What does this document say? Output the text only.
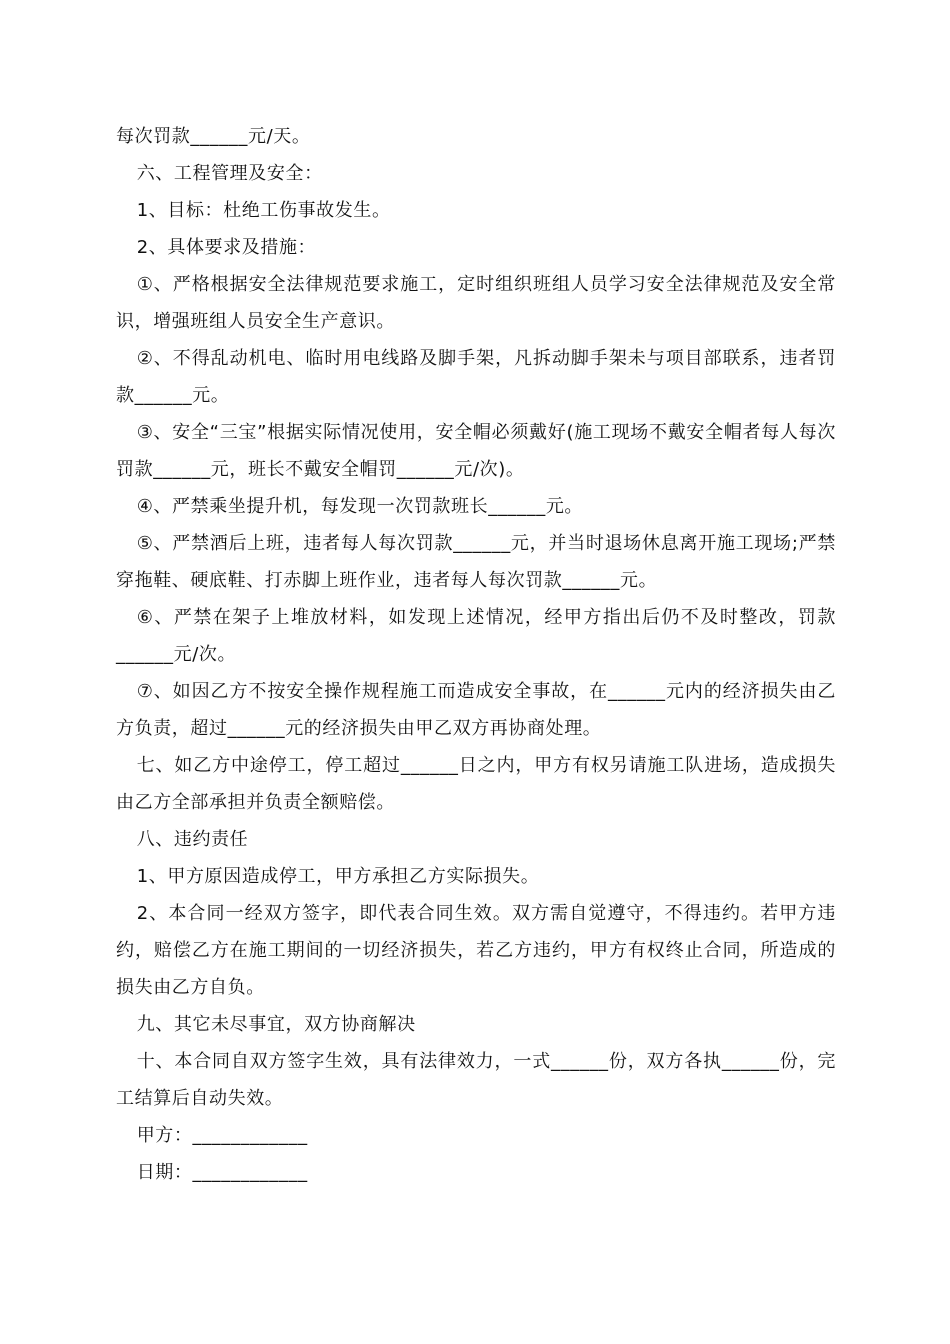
每次罚款______元/天。

六、工程管理及安全：

1、目标：杜绝工伤事故发生。

2、具体要求及措施：

①、严格根据安全法律规范要求施工，定时组织班组人员学习安全法律规范及安全常识，增强班组人员安全生产意识。

②、不得乱动机电、临时用电线路及脚手架，凡拆动脚手架未与项目部联系，违者罚款______元。

③、安全“三宝”根据实际情况使用，安全帽必须戴好(施工现场不戴安全帽者每人每次罚款______元，班长不戴安全帽罚______元/次)。

④、严禁乘坐提升机，每发现一次罚款班长______元。

⑤、严禁酒后上班，违者每人每次罚款______元，并当时退场休息离开施工现场;严禁穿拖鞋、硬底鞋、打赤脚上班作业，违者每人每次罚款______元。

⑥、严禁在架子上堆放材料，如发现上述情况，经甲方指出后仍不及时整改，罚款______元/次。

⑦、如因乙方不按安全操作规程施工而造成安全事故，在______元内的经济损失由乙方负责，超过______元的经济损失由甲乙双方再协商处理。

七、如乙方中途停工，停工超过______日之内，甲方有权另请施工队进场，造成损失由乙方全部承担并负责全额赔偿。

八、违约责任

1、甲方原因造成停工，甲方承担乙方实际损失。

2、本合同一经双方签字，即代表合同生效。双方需自觉遵守，不得违约。若甲方违约，赔偿乙方在施工期间的一切经济损失，若乙方违约，甲方有权终止合同，所造成的损失由乙方自负。

九、其它未尽事宜，双方协商解决

十、本合同自双方签字生效，具有法律效力，一式______份，双方各执______份，完工结算后自动失效。

甲方：____________

日期：____________
